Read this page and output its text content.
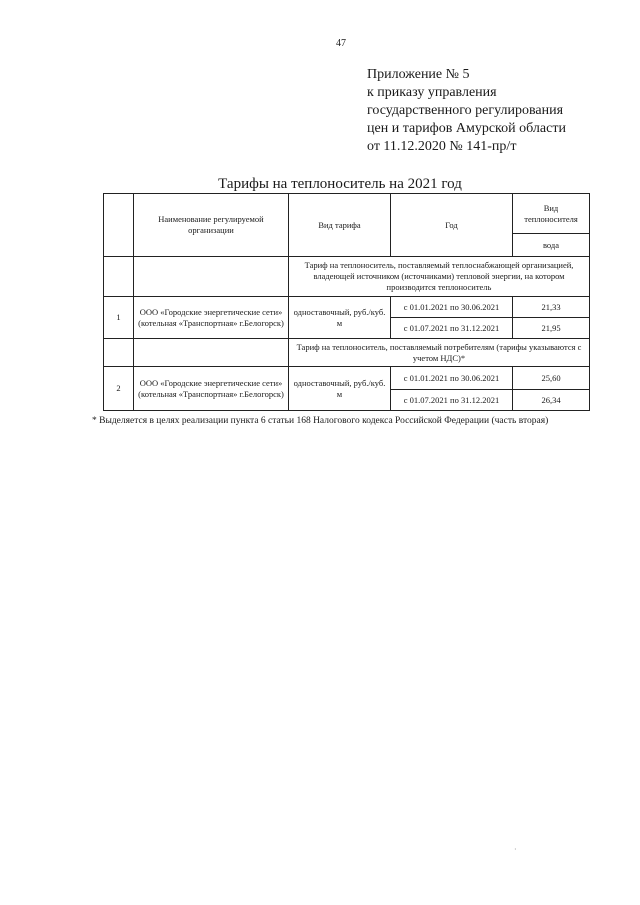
47
Приложение № 5
к приказу управления
государственного регулирования
цен и тарифов Амурской области
от 11.12.2020 № 141-пр/т
Тарифы на теплоноситель на 2021 год
	Наименование регулируемой организации	Вид тарифа	Год	Вид теплоносителя
				вода
		Тариф на теплоноситель, поставляемый теплоснабжающей организацией, владеющей источником (источниками) тепловой энергии, на котором производится теплоноситель		
1	ООО «Городские энергетические сети» (котельная «Транспортная» г.Белогорск)	одноставочный, руб./куб. м	с 01.01.2021 по 30.06.2021	21,33
			с 01.07.2021 по 31.12.2021	21,95
		Тариф на теплоноситель, поставляемый потребителям (тарифы указываются с учетом НДС)*		
2	ООО «Городские энергетические сети» (котельная «Транспортная» г.Белогорск)	одноставочный, руб./куб. м	с 01.01.2021 по 30.06.2021	25,60
			с 01.07.2021 по 31.12.2021	26,34
* Выделяется в целях реализации пункта 6 статьи 168 Налогового кодекса Российской Федерации (часть вторая)
·
